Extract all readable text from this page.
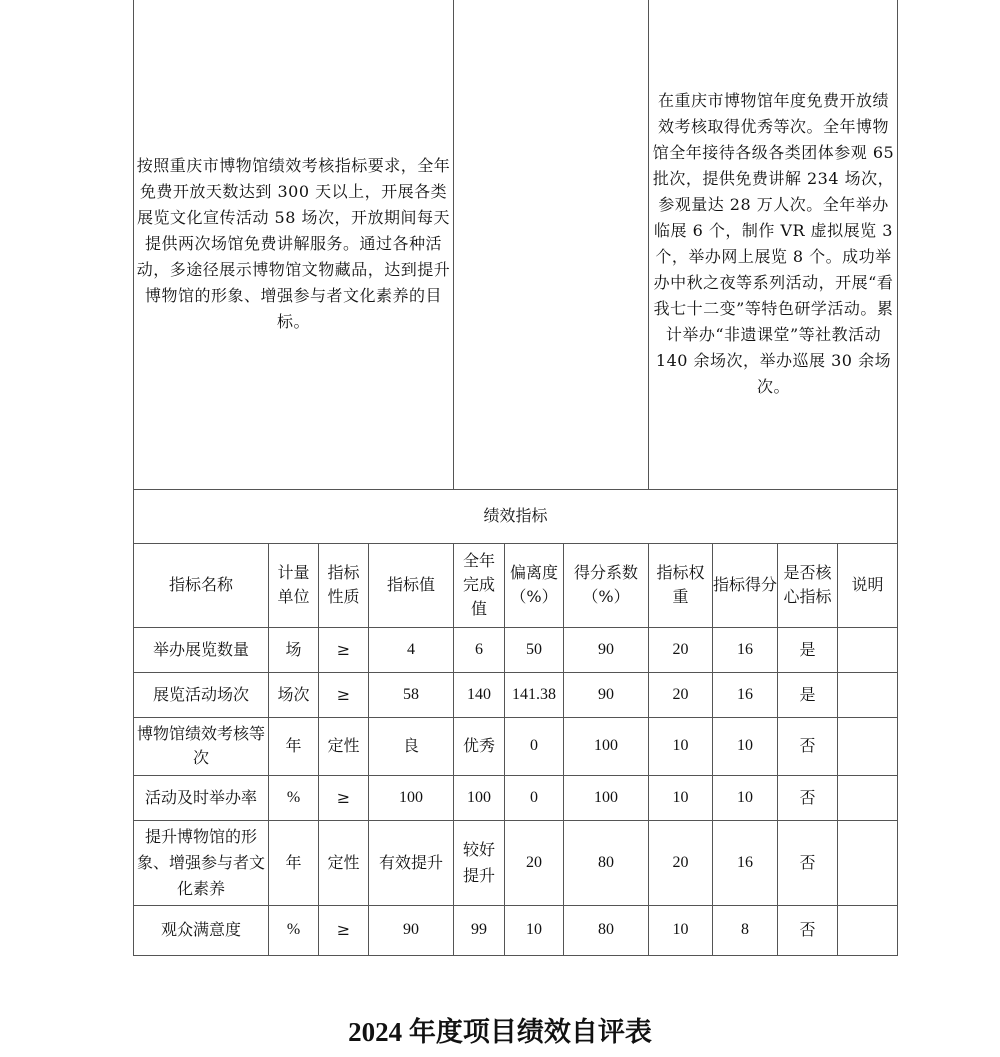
按照重庆市博物馆绩效考核指标要求，全年免费开放天数达到 300 天以上，开展各类展览文化宣传活动 58 场次，开放期间每天提供两次场馆免费讲解服务。通过各种活动，多途径展示博物馆文物藏品，达到提升博物馆的形象、增强参与者文化素养的目标。							在重庆市博物馆年度免费开放绩效考核取得优秀等次。全年博物馆全年接待各级各类团体参观 65 批次，提供免费讲解 234 场次，参观量达 28 万人次。全年举办临展 6 个，制作 VR 虚拟展览 3 个，举办网上展览 8 个。成功举办中秋之夜等系列活动，开展“看我七十二变”等特色研学活动。累计举办“非遗课堂”等社教活动 140 余场次，举办巡展 30 余场次。			
绩效指标										
指标名称	计量单位	指标性质	指标值	全年完成值	偏离度（%）	得分系数（%）	指标权重	指标得分	是否核心指标	说明
举办展览数量	场	≥	4	6	50	90	20	16	是	
展览活动场次	场次	≥	58	140	141.38	90	20	16	是	
博物馆绩效考核等次	年	定性	良	优秀	0	100	10	10	否	
活动及时举办率	%	≥	100	100	0	100	10	10	否	
提升博物馆的形象、增强参与者文化素养	年	定性	有效提升	较好提升	20	80	20	16	否	
观众满意度	%	≥	90	99	10	80	10	8	否	
2024 年度项目绩效自评表
